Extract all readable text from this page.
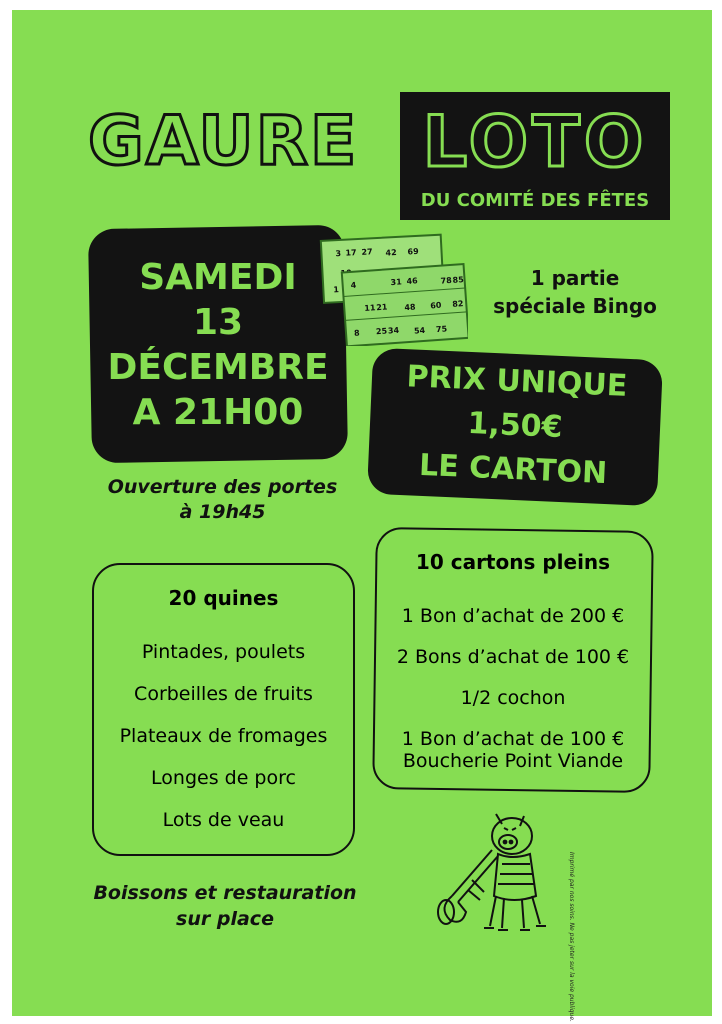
GAURE LOTO
DU COMITÉ DES FÊTES
SAMEDI
13
DÉCEMBRE
A 21H00
3 17 27 42 69
1 4	31 46	78 85
11 21 48 60 82
8 25 34 54 75
1 partie
spéciale Bingo
PRIX UNIQUE
1,50€
LE CARTON
Ouverture des portes
à 19h45
10 cartons pleins
1 Bon d’achat de 200 €
2 Bons d’achat de 100 €
1/2 cochon
1 Bon d’achat de 100 €
Boucherie Point Viande
20 quines
Pintades, poulets
Corbeilles de fruits
Plateaux de fromages
Longes de porc
Lots de veau
Boissons et restauration
sur place	Imprimé par nos soins. Ne pas jeter sur la voie publique.
